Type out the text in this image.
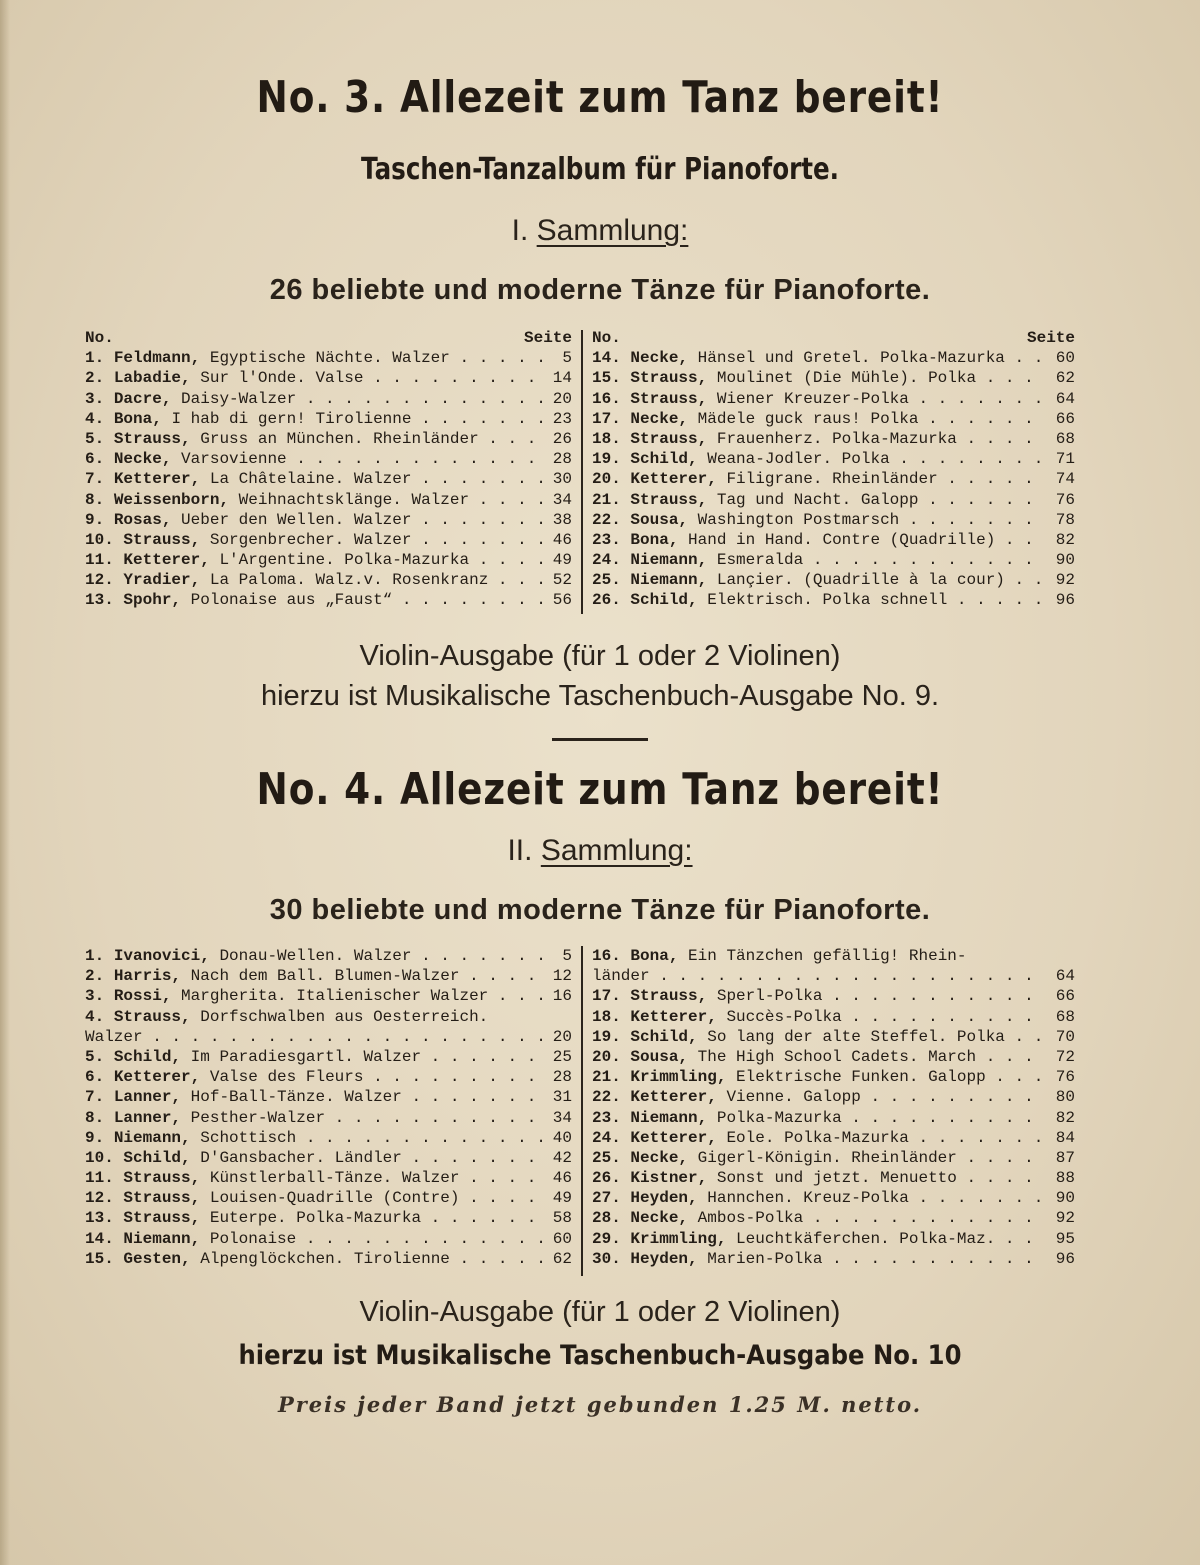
No. 3. Allezeit zum Tanz bereit!
Taschen-Tanzalbum für Pianoforte.
I. Sammlung:
26 beliebte und moderne Tänze für Pianoforte.
No.	Seite
1. Feldmann, Egyptische Nächte. Walzer . . .	5
2. Labadie, Sur l'Onde. Valse . . .	14
3. Dacre, Daisy-Walzer . . .	20
4. Bona, I hab di gern! Tirolienne . . .	23
5. Strauss, Gruss an München. Rheinländer . . .	26
6. Necke, Varsovienne . . .	28
7. Ketterer, La Châtelaine. Walzer . . .	30
8. Weissenborn, Weihnachtsklänge. Walzer . . .	34
9. Rosas, Ueber den Wellen. Walzer . . .	38
10. Strauss, Sorgenbrecher. Walzer . . .	46
11. Ketterer, L'Argentine. Polka-Mazurka . . .	49
12. Yradier, La Paloma. Walz.v. Rosenkranz . . .	52
13. Spohr, Polonaise aus „Faust“ . . .	56
No.	Seite
14. Necke, Hänsel und Gretel. Polka-Mazurka . . .	60
15. Strauss, Moulinet (Die Mühle). Polka . . .	62
16. Strauss, Wiener Kreuzer-Polka . . .	64
17. Necke, Mädele guck raus! Polka . . .	66
18. Strauss, Frauenherz. Polka-Mazurka . . .	68
19. Schild, Weana-Jodler. Polka . . .	71
20. Ketterer, Filigrane. Rheinländer . . .	74
21. Strauss, Tag und Nacht. Galopp . . .	76
22. Sousa, Washington Postmarsch . . .	78
23. Bona, Hand in Hand. Contre (Quadrille) . . .	82
24. Niemann, Esmeralda . . .	90
25. Niemann, Lançier. (Quadrille à la cour) . . .	92
26. Schild, Elektrisch. Polka schnell . . .	96
Violin-Ausgabe (für 1 oder 2 Violinen)
hierzu ist Musikalische Taschenbuch-Ausgabe No. 9.
No. 4. Allezeit zum Tanz bereit!
II. Sammlung:
30 beliebte und moderne Tänze für Pianoforte.
1. Ivanovici, Donau-Wellen. Walzer . . .	5
2. Harris, Nach dem Ball. Blumen-Walzer . . .	12
3. Rossi, Margherita. Italienischer Walzer . . .	16
4. Strauss, Dorfschwalben aus Oesterreich.
Walzer . . .	20
5. Schild, Im Paradiesgartl. Walzer . . .	25
6. Ketterer, Valse des Fleurs . . .	28
7. Lanner, Hof-Ball-Tänze. Walzer . . .	31
8. Lanner, Pesther-Walzer . . .	34
9. Niemann, Schottisch . . .	40
10. Schild, D'Gansbacher. Ländler . . .	42
11. Strauss, Künstlerball-Tänze. Walzer . . .	46
12. Strauss, Louisen-Quadrille (Contre) . . .	49
13. Strauss, Euterpe. Polka-Mazurka . . .	58
14. Niemann, Polonaise . . .	60
15. Gesten, Alpenglöckchen. Tirolienne . . .	62
16. Bona, Ein Tänzchen gefällig! Rhein-
länder . . .	64
17. Strauss, Sperl-Polka . . .	66
18. Ketterer, Succès-Polka . . .	68
19. Schild, So lang der alte Steffel. Polka . . .	70
20. Sousa, The High School Cadets. March . . .	72
21. Krimmling, Elektrische Funken. Galopp . . .	76
22. Ketterer, Vienne. Galopp . . .	80
23. Niemann, Polka-Mazurka . . .	82
24. Ketterer, Eole. Polka-Mazurka . . .	84
25. Necke, Gigerl-Königin. Rheinländer . . .	87
26. Kistner, Sonst und jetzt. Menuetto . . .	88
27. Heyden, Hannchen. Kreuz-Polka . . .	90
28. Necke, Ambos-Polka . . .	92
29. Krimmling, Leuchtkäferchen. Polka-Maz. . . .	95
30. Heyden, Marien-Polka . . .	96
Violin-Ausgabe (für 1 oder 2 Violinen)
hierzu ist Musikalische Taschenbuch-Ausgabe No. 10
Preis jeder Band jetzt gebunden 1.25 M. netto.
